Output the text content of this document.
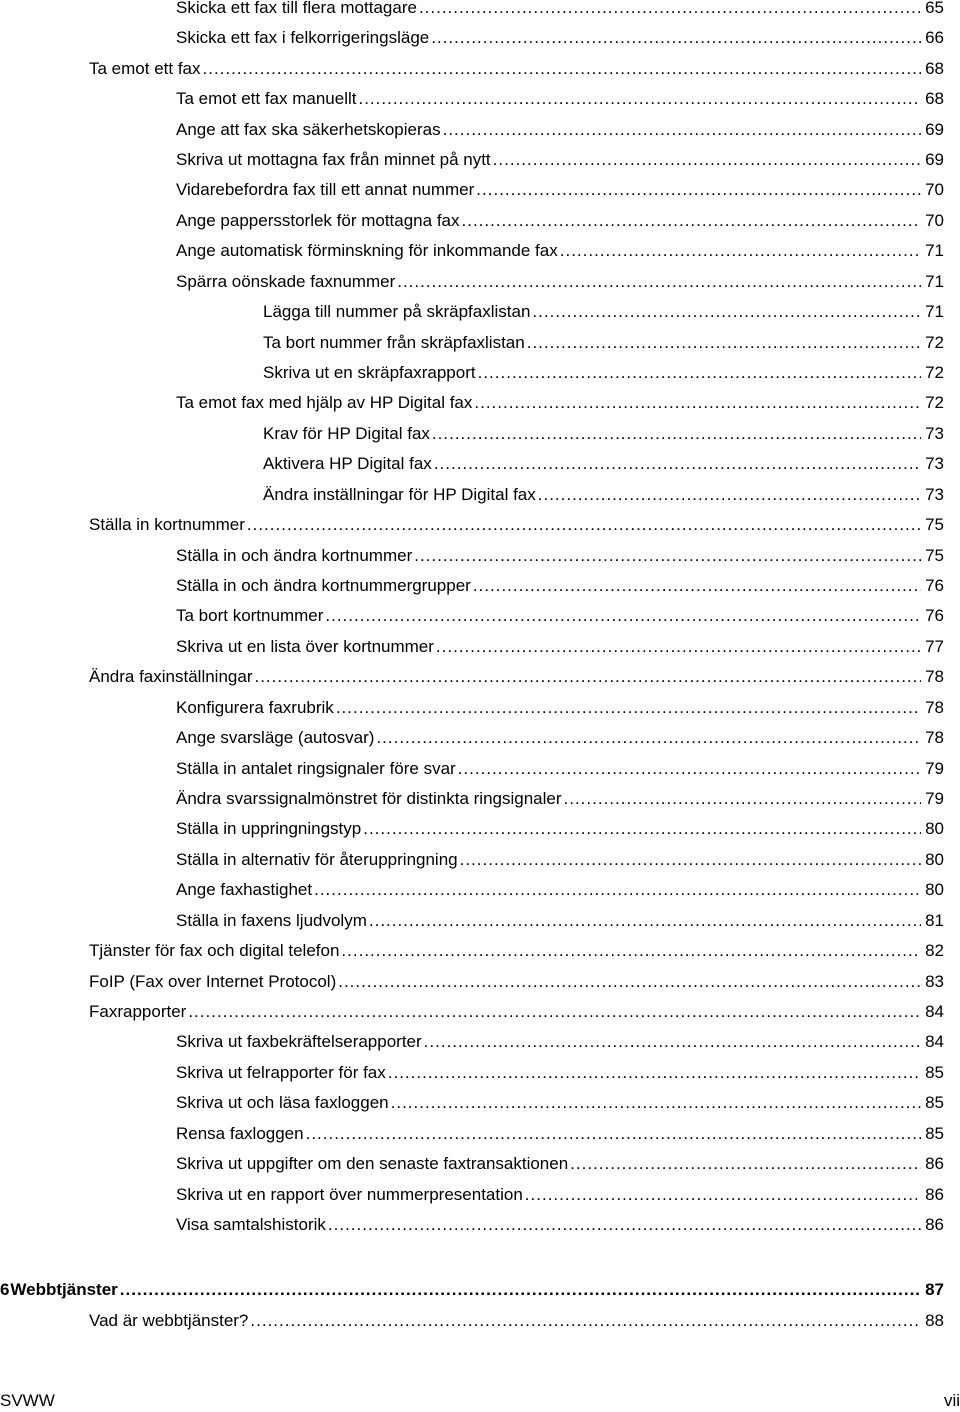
Skicka ett fax till flera mottagare .....	65
Skicka ett fax i felkorrigeringsläge .....	66
Ta emot ett fax .....	68
Ta emot ett fax manuellt .....	68
Ange att fax ska säkerhetskopieras .....	69
Skriva ut mottagna fax från minnet på nytt .....	69
Vidarebefordra fax till ett annat nummer .....	70
Ange pappersstorlek för mottagna fax .....	70
Ange automatisk förminskning för inkommande fax .....	71
Spärra oönskade faxnummer .....	71
Lägga till nummer på skräpfaxlistan .....	71
Ta bort nummer från skräpfaxlistan .....	72
Skriva ut en skräpfaxrapport .....	72
Ta emot fax med hjälp av HP Digital fax .....	72
Krav för HP Digital fax .....	73
Aktivera HP Digital fax .....	73
Ändra inställningar för HP Digital fax .....	73
Ställa in kortnummer .....	75
Ställa in och ändra kortnummer .....	75
Ställa in och ändra kortnummergrupper .....	76
Ta bort kortnummer .....	76
Skriva ut en lista över kortnummer .....	77
Ändra faxinställningar .....	78
Konfigurera faxrubrik .....	78
Ange svarsläge (autosvar) .....	78
Ställa in antalet ringsignaler före svar .....	79
Ändra svarssignalmönstret för distinkta ringsignaler .....	79
Ställa in uppringningstyp .....	80
Ställa in alternativ för återuppringning .....	80
Ange faxhastighet .....	80
Ställa in faxens ljudvolym .....	81
Tjänster för fax och digital telefon .....	82
FoIP (Fax over Internet Protocol) .....	83
Faxrapporter .....	84
Skriva ut faxbekräftelserapporter .....	84
Skriva ut felrapporter för fax .....	85
Skriva ut och läsa faxloggen .....	85
Rensa faxloggen .....	85
Skriva ut uppgifter om den senaste faxtransaktionen .....	86
Skriva ut en rapport över nummerpresentation .....	86
Visa samtalshistorik .....	86
6 Webbtjänster .....	87
Vad är webbtjänster? .....	88
SVWW	vii
